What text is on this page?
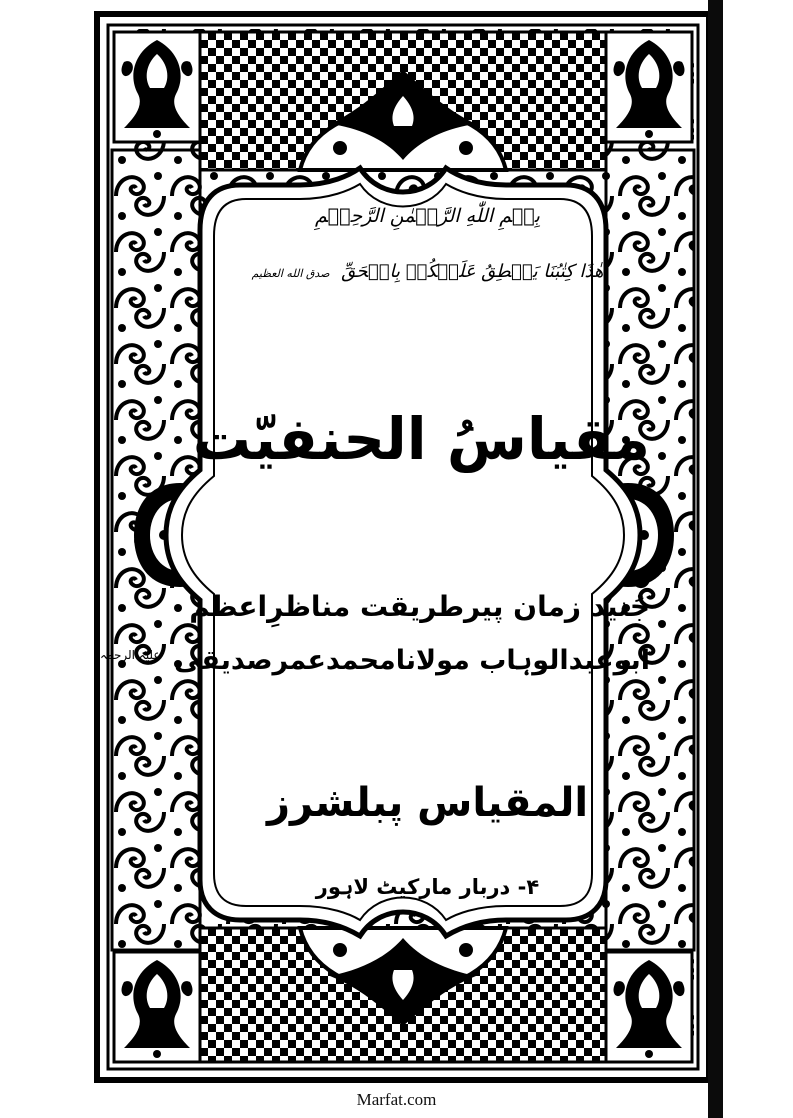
بِسۡمِ اللّٰهِ الرَّحۡمٰنِ الرَّحِيۡمِ
هٰذَا كِتٰبُنَا يَنۡطِقُ عَلَيۡكُمۡ بِالۡحَقِّ صدق الله العظيم
مقياسُ الحنفيّت
جُنید زمان پیرطریقت مناظرِاعظم
ابوعبدالوہاب مولانامحمدعمرصدیقی $^{علیہ الرحمہ}$
المقیاس پبلشرز
۴- دربار مارکیٹ لاہور
Marfat.com
